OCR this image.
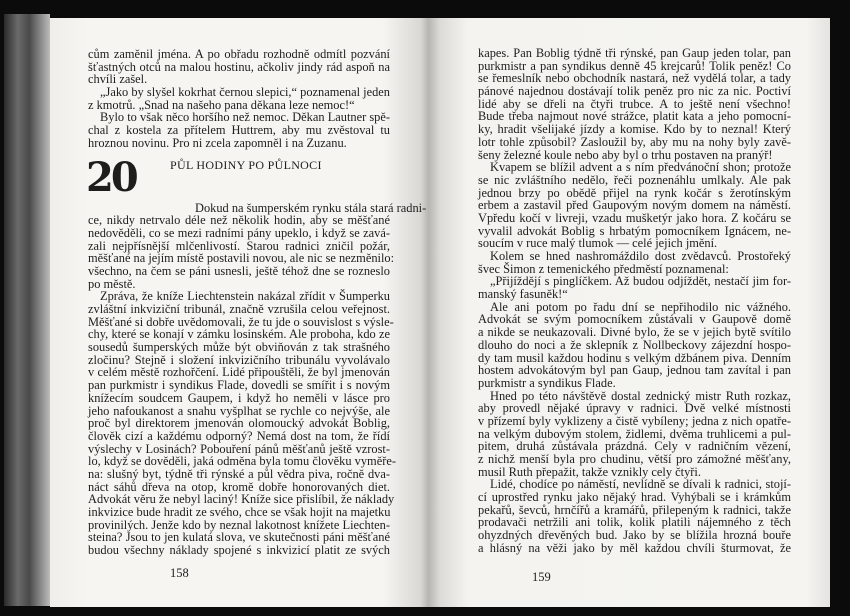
cům zaměnil jména. A po obřadu rozhodně odmítl pozvání
šťastných otců na malou hostinu, ačkoliv jindy rád aspoň na
chvíli zašel.
„Jako by slyšel kokrhat černou slepici,“ poznamenal jeden
z kmotrů. „Snad na našeho pana děkana leze nemoc!“
Bylo to však něco horšího než nemoc. Děkan Lautner spě-
chal z kostela za přítelem Huttrem, aby mu zvěstoval tu
hroznou novinu. Pro ni zcela zapomněl i na Zuzanu.
20	PŮL HODINY PO PŮLNOCI
Dokud na šumperském rynku stála stará radni-
ce, nikdy netrvalo déle než několik hodin, aby se měšťané
nedověděli, co se mezi radními pány upeklo, i když se zavá-
zali nejpřísnější mlčenlivostí. Starou radnici zničil požár,
měšťané na jejím místě postavili novou, ale nic se nezměnilo:
všechno, na čem se páni usnesli, ještě téhož dne se rozneslo
po městě.
Zpráva, že kníže Liechtenstein nakázal zřídit v Šumperku
zvláštní inkviziční tribunál, značně vzrušila celou veřejnost.
Měšťané si dobře uvědomovali, že tu jde o souvislost s výsle-
chy, které se konají v zámku losinském. Ale proboha, kdo ze
sousedů šumperských může být obviňován z tak strašného
zločinu? Stejně i složení inkvizičního tribunálu vyvolávalo
v celém městě rozhořčení. Lidé připouštěli, že byl jmenován
pan purkmistr i syndikus Flade, dovedli se smířit i s novým
knížecím soudcem Gaupem, i když ho neměli v lásce pro
jeho nafoukanost a snahu vyšplhat se rychle co nejvýše, ale
proč byl direktorem jmenován olomoucký advokát Boblig,
člověk cizí a každému odporný? Nemá dost na tom, že řídí
výslechy v Losinách? Pobouření pánů měšťanů ještě vzrost-
lo, když se dověděli, jaká odměna byla tomu člověku vyměře-
na: slušný byt, týdně tři rýnské a půl vědra piva, ročně dva-
náct sáhů dřeva na otop, kromě dobře honorovaných diet.
Advokát věru že nebyl laciný! Kníže sice přislíbil, že náklady
inkvizice bude hradit ze svého, chce se však hojit na majetku
provinilých. Jenže kdo by neznal lakotnost knížete Liechten-
steina? Jsou to jen kulatá slova, ve skutečnosti páni měšťané
budou všechny náklady spojené s inkvizicí platit ze svých
158
kapes. Pan Boblig týdně tři rýnské, pan Gaup jeden tolar, pan
purkmistr a pan syndikus denně 45 krejcarů! Tolik peněz! Co
se řemeslník nebo obchodník nastará, než vydělá tolar, a tady
pánové najednou dostávají tolik peněz pro nic za nic. Poctiví
lidé aby se dřeli na čtyři trubce. A to ještě není všechno!
Bude třeba najmout nové strážce, platit kata a jeho pomocní-
ky, hradit všelijaké jízdy a komise. Kdo by to neznal! Který
lotr tohle způsobil? Zasloužil by, aby mu na nohy byly zavě-
šeny železné koule nebo aby byl o trhu postaven na pranýř!
Kvapem se blížil advent a s ním předvánoční shon; protože
se nic zvláštního nedělo, řeči poznenáhlu umlkaly. Ale pak
jednou brzy po obědě přijel na rynk kočár s žerotínským
erbem a zastavil před Gaupovým novým domem na náměstí.
Vpředu kočí v livreji, vzadu mušketýr jako hora. Z kočáru se
vyvalil advokát Boblig s hrbatým pomocníkem Ignácem, ne-
soucím v ruce malý tlumok — celé jejich jmění.
Kolem se hned nashromáždilo dost zvědavců. Prostořeký
švec Šimon z temenického předměstí poznamenal:
„Přijíždějí s pinglíčkem. Až budou odjíždět, nestačí jim for-
manský fasuněk!“
Ale ani potom po řadu dní se nepřihodilo nic vážného.
Advokát se svým pomocníkem zůstávali v Gaupově domě
a nikde se neukazovali. Divné bylo, že se v jejich bytě svítilo
dlouho do noci a že sklepník z Nollbeckovy zájezdní hospo-
dy tam musil každou hodinu s velkým džbánem piva. Denním
hostem advokátovým byl pan Gaup, jednou tam zavítal i pan
purkmistr a syndikus Flade.
Hned po této návštěvě dostal zednický mistr Ruth rozkaz,
aby provedl nějaké úpravy v radnici. Dvě velké místnosti
v přízemí byly vyklizeny a čistě vybíleny; jedna z nich opatře-
na velkým dubovým stolem, židlemi, dvěma truhlicemi a pul-
pitem, druhá zůstávala prázdná. Cely v radničním vězení,
z nichž menší byla pro chudinu, větší pro zámožné měšťany,
musil Ruth přepažit, takže vznikly cely čtyři.
Lidé, chodíce po náměstí, nevlídně se dívali k radnici, stojí-
cí uprostřed rynku jako nějaký hrad. Vyhýbali se i krámkům
pekařů, ševců, hrnčířů a kramářů, přilepeným k radnici, takže
prodavači netržili ani tolik, kolik platili nájemného z těch
ohyzdných dřevěných bud. Jako by se blížila hrozná bouře
a hlásný na věži jako by měl každou chvíli šturmovat, že
159
